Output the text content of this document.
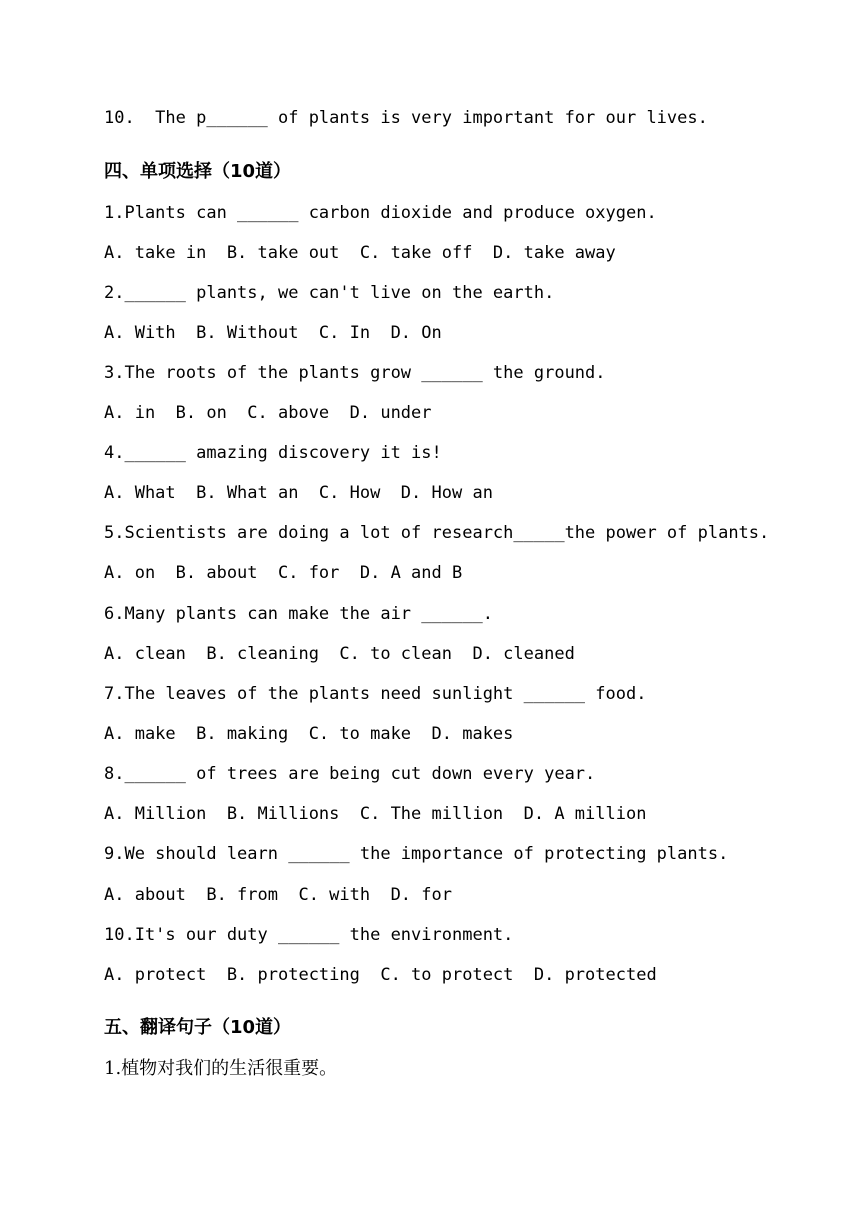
10.  The p______ of plants is very important for our lives.
四、单项选择（10道）
1.Plants can ______ carbon dioxide and produce oxygen.
A. take in  B. take out  C. take off  D. take away
2.______ plants, we can't live on the earth.
A. With  B. Without  C. In  D. On
3.The roots of the plants grow ______ the ground.
A. in  B. on  C. above  D. under
4.______ amazing discovery it is!
A. What  B. What an  C. How  D. How an
5.Scientists are doing a lot of research_____the power of plants.
A. on  B. about  C. for  D. A and B
6.Many plants can make the air ______.
A. clean  B. cleaning  C. to clean  D. cleaned
7.The leaves of the plants need sunlight ______ food.
A. make  B. making  C. to make  D. makes
8.______ of trees are being cut down every year.
A. Million  B. Millions  C. The million  D. A million
9.We should learn ______ the importance of protecting plants.
A. about  B. from  C. with  D. for
10.It's our duty ______ the environment.
A. protect  B. protecting  C. to protect  D. protected
五、翻译句子（10道）
1.植物对我们的生活很重要。
